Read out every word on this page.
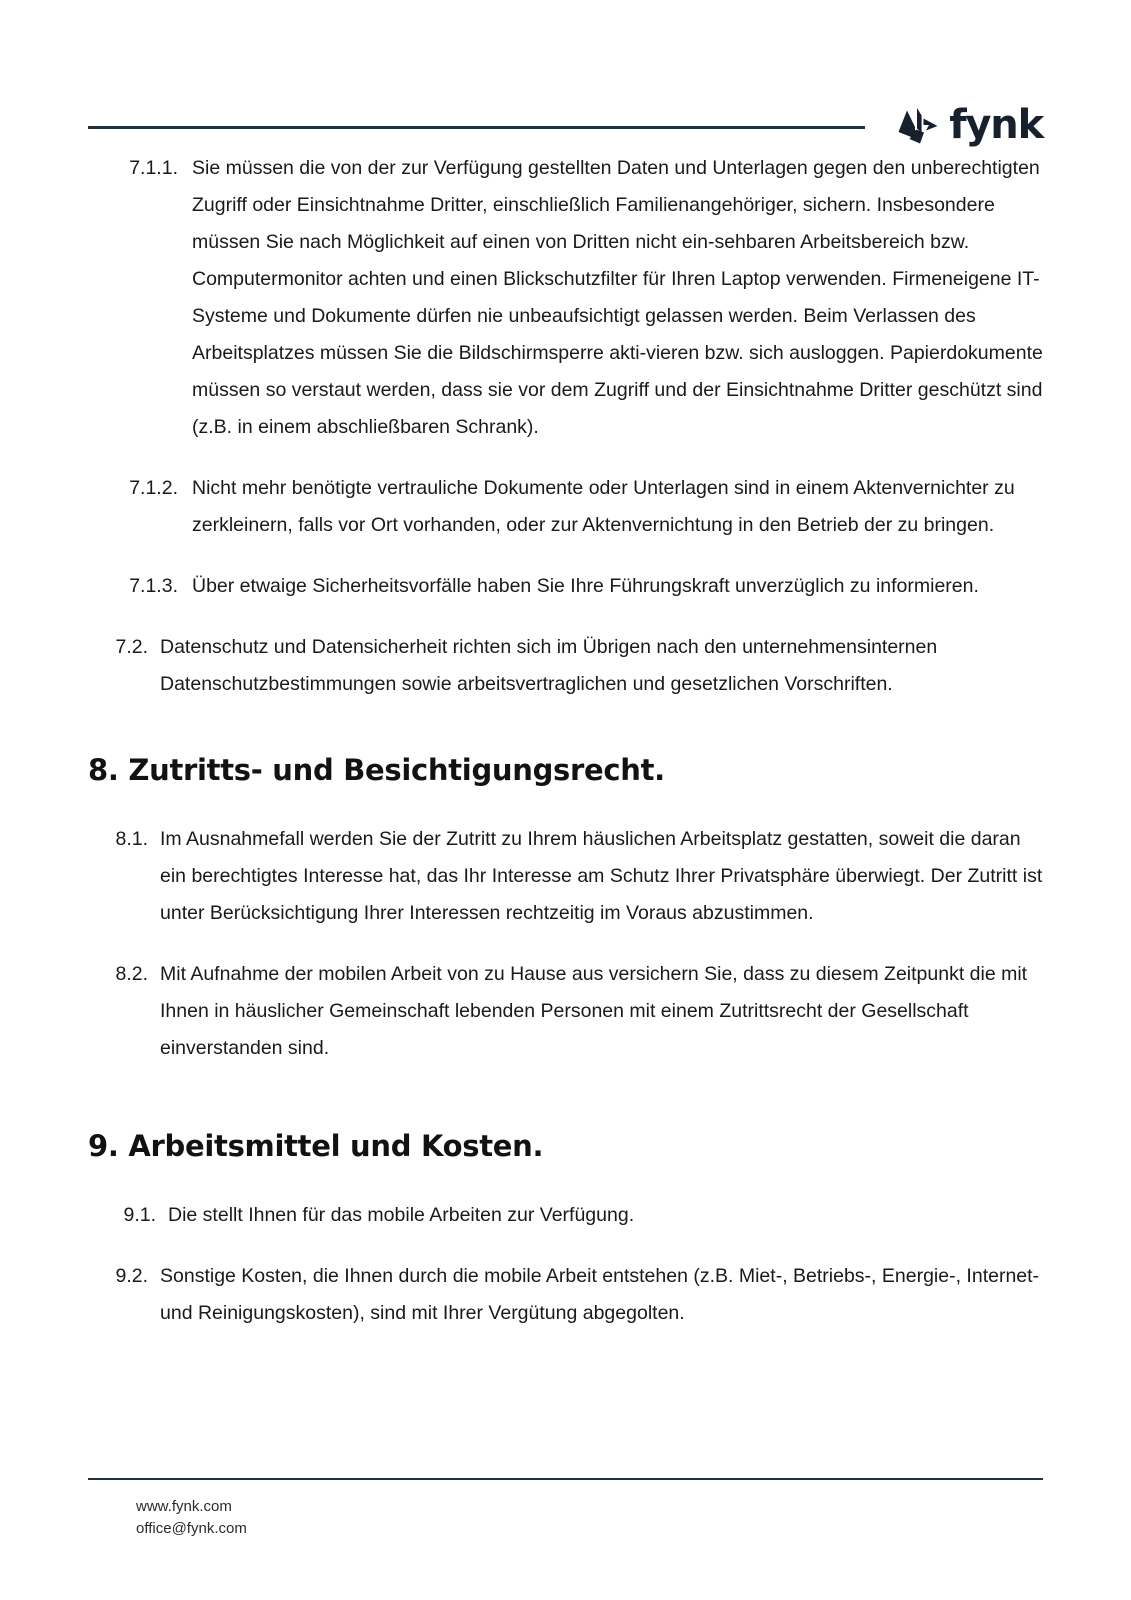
fynk
7.1.1. Sie müssen die von der zur Verfügung gestellten Daten und Unterlagen gegen den unberechtigten Zugriff oder Einsichtnahme Dritter, einschließlich Familienangehöriger, sichern. Insbesondere müssen Sie nach Möglichkeit auf einen von Dritten nicht ein-sehbaren Arbeitsbereich bzw. Computermonitor achten und einen Blickschutzfilter für Ihren Laptop verwenden. Firmeneigene IT-Systeme und Dokumente dürfen nie unbeaufsichtigt gelassen werden. Beim Verlassen des Arbeitsplatzes müssen Sie die Bildschirmsperre akti-vieren bzw. sich ausloggen. Papierdokumente müssen so verstaut werden, dass sie vor dem Zugriff und der Einsichtnahme Dritter geschützt sind (z.B. in einem abschließbaren Schrank).
7.1.2. Nicht mehr benötigte vertrauliche Dokumente oder Unterlagen sind in einem Aktenvernichter zu zerkleinern, falls vor Ort vorhanden, oder zur Aktenvernichtung in den Betrieb der zu bringen.
7.1.3. Über etwaige Sicherheitsvorfälle haben Sie Ihre Führungskraft unverzüglich zu informieren.
7.2. Datenschutz und Datensicherheit richten sich im Übrigen nach den unternehmensinternen Datenschutzbestimmungen sowie arbeitsvertraglichen und gesetzlichen Vorschriften.
8. Zutritts- und Besichtigungsrecht.
8.1. Im Ausnahmefall werden Sie der Zutritt zu Ihrem häuslichen Arbeitsplatz gestatten, soweit die daran ein berechtigtes Interesse hat, das Ihr Interesse am Schutz Ihrer Privatsphäre überwiegt. Der Zutritt ist unter Berücksichtigung Ihrer Interessen rechtzeitig im Voraus abzustimmen.
8.2. Mit Aufnahme der mobilen Arbeit von zu Hause aus versichern Sie, dass zu diesem Zeitpunkt die mit Ihnen in häuslicher Gemeinschaft lebenden Personen mit einem Zutrittsrecht der Gesellschaft einverstanden sind.
9. Arbeitsmittel und Kosten.
9.1. Die stellt Ihnen für das mobile Arbeiten zur Verfügung.
9.2. Sonstige Kosten, die Ihnen durch die mobile Arbeit entstehen (z.B. Miet-, Betriebs-, Energie-, Internet- und Reinigungskosten), sind mit Ihrer Vergütung abgegolten.
www.fynk.com
office@fynk.com
